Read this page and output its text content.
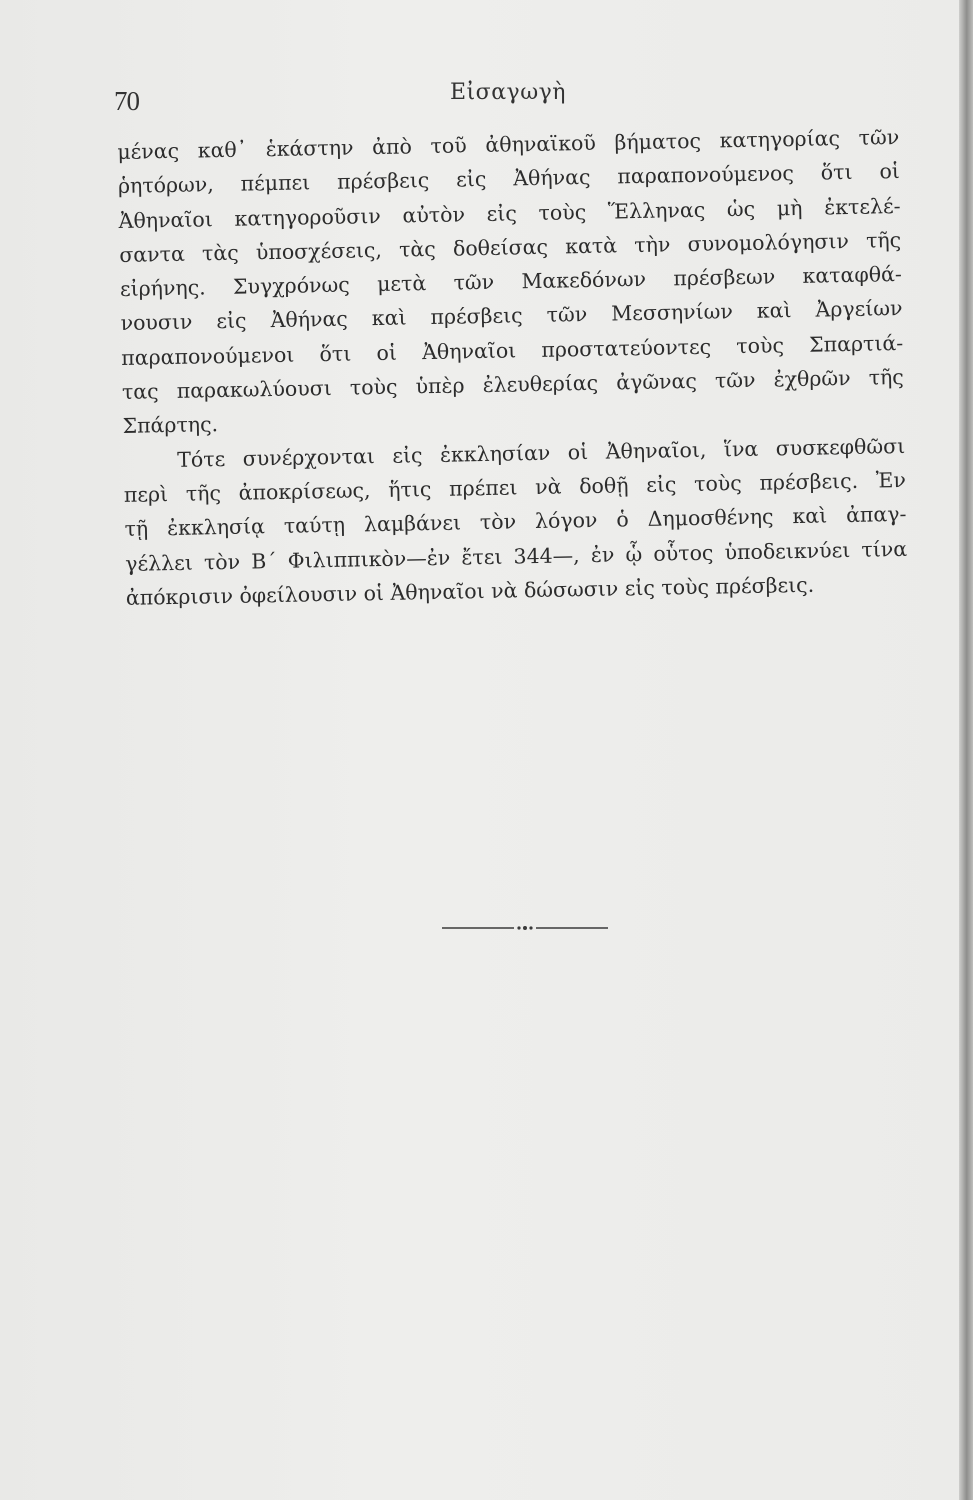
70	Εἰσαγωγὴ
μένας καθ᾽ ἑκάστην ἀπὸ τοῦ ἀθηναϊκοῦ βήματος κατηγορίας τῶν
ῥητόρων, πέμπει πρέσβεις εἰς Ἀθήνας παραπονούμενος ὅτι οἱ
Ἀθηναῖοι κατηγοροῦσιν αὐτὸν εἰς τοὺς Ἕλληνας ὡς μὴ ἐκτελέ-
σαντα τὰς ὑποσχέσεις, τὰς δοθείσας κατὰ τὴν συνομολόγησιν τῆς
εἰρήνης. Συγχρόνως μετὰ τῶν Μακεδόνων πρέσβεων καταφθά-
νουσιν εἰς Ἀθήνας καὶ πρέσβεις τῶν Μεσσηνίων καὶ Ἀργείων
παραπονούμενοι ὅτι οἱ Ἀθηναῖοι προστατεύοντες τοὺς Σπαρτιά-
τας παρακωλύουσι τοὺς ὑπὲρ ἐλευθερίας ἀγῶνας τῶν ἐχθρῶν τῆς
Σπάρτης.
Τότε συνέρχονται εἰς ἐκκλησίαν οἱ Ἀθηναῖοι, ἵνα συσκεφθῶσι
περὶ τῆς ἀποκρίσεως, ἥτις πρέπει νὰ δοθῇ εἰς τοὺς πρέσβεις. Ἐν
τῇ ἐκκλησίᾳ ταύτῃ λαμβάνει τὸν λόγον ὁ Δημοσθένης καὶ ἀπαγ-
γέλλει τὸν Β΄ Φιλιππικὸν—ἐν ἔτει 344—, ἐν ᾧ οὗτος ὑποδεικνύει τίνα
ἀπόκρισιν ὀφείλουσιν οἱ Ἀθηναῖοι νὰ δώσωσιν εἰς τοὺς πρέσβεις.
